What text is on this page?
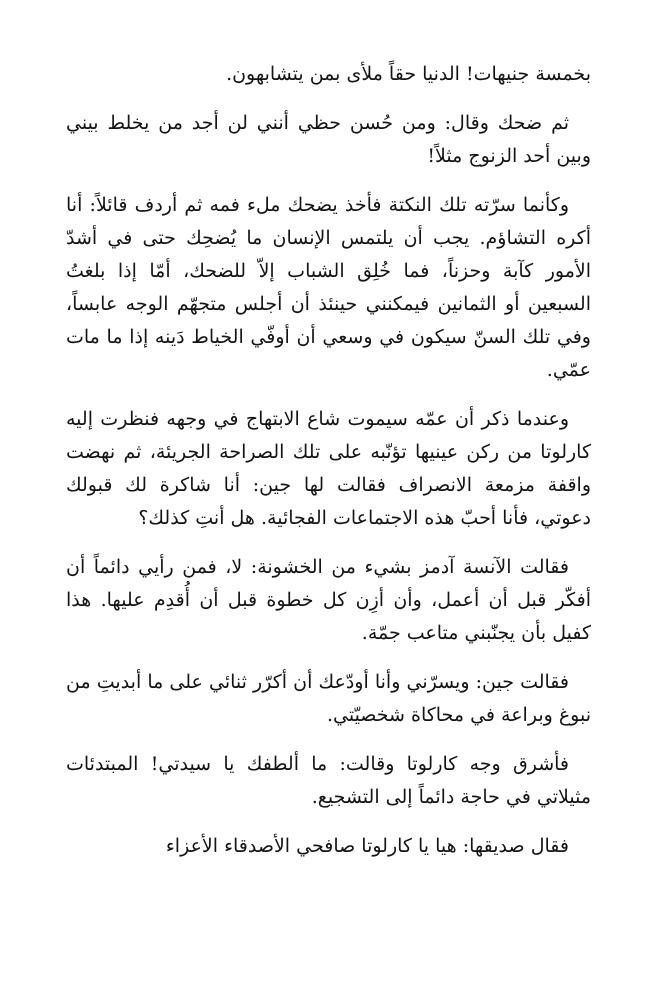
بخمسة جنيهات! الدنيا حقاً ملأى بمن يتشابهون.

ثم ضحك وقال: ومن حُسن حظي أنني لن أجد من يخلط بيني وبين أحد الزنوج مثلاً!

وكأنما سرّته تلك النكتة فأخذ يضحك ملء فمه ثم أردف قائلاً: أنا أكره التشاؤم. يجب أن يلتمس الإنسان ما يُضحِك حتى في أشدّ الأمور كآبة وحزناً، فما خُلِق الشباب إلاّ للضحك، أمّا إذا بلغتُ السبعين أو الثمانين فيمكنني حينئذ أن أجلس متجهّم الوجه عابساً، وفي تلك السنّ سيكون في وسعي أن أوفّي الخياط دَينه إذا ما مات عمّي.

وعندما ذكر أن عمّه سيموت شاع الابتهاج في وجهه فنظرت إليه كارلوتا من ركن عينيها تؤنّبه على تلك الصراحة الجريئة، ثم نهضت واقفة مزمعة الانصراف فقالت لها جين: أنا شاكرة لك قبولك دعوتي، فأنا أحبّ هذه الاجتماعات الفجائية. هل أنتِ كذلك؟

فقالت الآنسة آدمز بشيء من الخشونة: لا، فمن رأيي دائماً أن أفكّر قبل أن أعمل، وأن أزِن كل خطوة قبل أن أُقدِم عليها. هذا كفيل بأن يجنّبني متاعب جمّة.

فقالت جين: ويسرّني وأنا أودّعك أن أكرّر ثنائي على ما أبديتِ من نبوغ وبراعة في محاكاة شخصيّتي.

فأشرق وجه كارلوتا وقالت: ما ألطفك يا سيدتي! المبتدئات مثيلاتي في حاجة دائماً إلى التشجيع.

فقال صديقها: هيا يا كارلوتا صافحي الأصدقاء الأعزاء
